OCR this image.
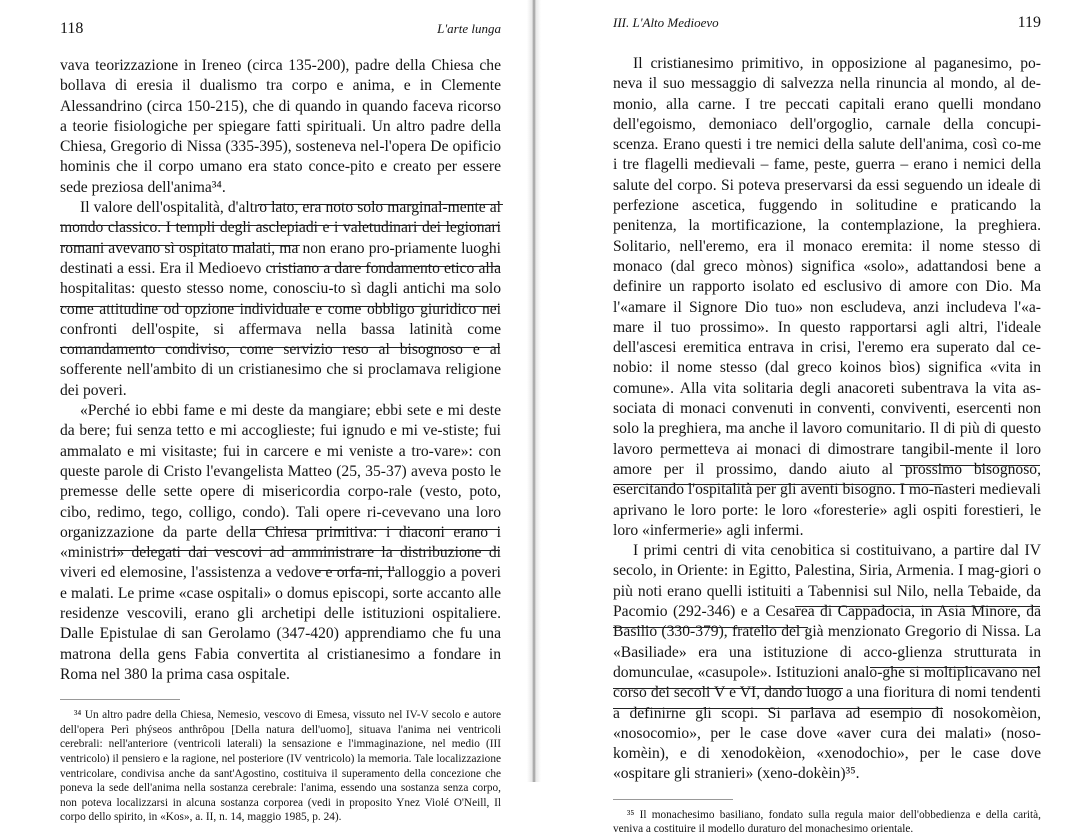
118	L'arte lunga

vava teorizzazione in Ireneo (circa 135-200), padre della Chiesa che bollava di eresia il dualismo tra corpo e anima, e in Clemente Alessandrino (circa 150-215), che di quando in quando faceva ricorso a teorie fisiologiche per spiegare fatti spirituali. Un altro padre della Chiesa, Gregorio di Nissa (335-395), sosteneva nel-l'opera De opificio hominis che il corpo umano era stato conce-pito e creato per essere sede preziosa dell'anima³⁴.

Il valore dell'ospitalità, d'altro lato, era noto solo marginal-mente al mondo classico. I templi degli asclepiadi e i valetudinari dei legionari romani avevano sì ospitato malati, ma non erano pro-priamente luoghi destinati a essi. Era il Medioevo cristiano a dare fondamento etico alla hospitalitas: questo stesso nome, conosciu-to sì dagli antichi ma solo come attitudine od opzione individuale e come obbligo giuridico nei confronti dell'ospite, si affermava nella bassa latinità come comandamento condiviso, come servizio reso al bisognoso e al sofferente nell'ambito di un cristianesimo che si proclamava religione dei poveri.

«Perché io ebbi fame e mi deste da mangiare; ebbi sete e mi deste da bere; fui senza tetto e mi accoglieste; fui ignudo e mi ve-stiste; fui ammalato e mi visitaste; fui in carcere e mi veniste a tro-vare»: con queste parole di Cristo l'evangelista Matteo (25, 35-37) aveva posto le premesse delle sette opere di misericordia corpo-rale (vesto, poto, cibo, redimo, tego, colligo, condo). Tali opere ri-cevevano una loro organizzazione da parte della Chiesa primitiva: i diaconi erano i «ministri» delegati dai vescovi ad amministrare la distribuzione di viveri ed elemosine, l'assistenza a vedove e orfa-ni, l'alloggio a poveri e malati. Le prime «case ospitali» o domus episcopi, sorte accanto alle residenze vescovili, erano gli archetipi delle istituzioni ospitaliere. Dalle Epistulae di san Gerolamo (347-420) apprendiamo che fu una matrona della gens Fabia convertita al cristianesimo a fondare in Roma nel 380 la prima casa ospitale.

³⁴ Un altro padre della Chiesa, Nemesio, vescovo di Emesa, vissuto nel IV-V secolo e autore dell'opera Perì phýseos anthrôpou [Della natura dell'uomo], situava l'anima nei ventricoli cerebrali: nell'anteriore (ventricoli laterali) la sensazione e l'immaginazione, nel medio (III ventricolo) il pensiero e la ragione, nel posteriore (IV ventricolo) la memoria. Tale localizzazione ventricolare, condivisa anche da sant'Agostino, costituiva il superamento della concezione che poneva la sede dell'anima nella sostanza cerebrale: l'anima, essendo una sostanza senza corpo, non poteva localizzarsi in alcuna sostanza corporea (vedi in proposito Ynez Violé O'Neill, Il corpo dello spirito, in «Kos», a. II, n. 14, maggio 1985, p. 24).

III. L'Alto Medioevo	119

Il cristianesimo primitivo, in opposizione al paganesimo, po-neva il suo messaggio di salvezza nella rinuncia al mondo, al de-monio, alla carne. I tre peccati capitali erano quelli mondano dell'egoismo, demoniaco dell'orgoglio, carnale della concupi-scenza. Erano questi i tre nemici della salute dell'anima, così co-me i tre flagelli medievali – fame, peste, guerra – erano i nemici della salute del corpo. Si poteva preservarsi da essi seguendo un ideale di perfezione ascetica, fuggendo in solitudine e praticando la penitenza, la mortificazione, la contemplazione, la preghiera. Solitario, nell'eremo, era il monaco eremita: il nome stesso di monaco (dal greco mònos) significa «solo», adattandosi bene a definire un rapporto isolato ed esclusivo di amore con Dio. Ma l'«amare il Signore Dio tuo» non escludeva, anzi includeva l'«a-mare il tuo prossimo». In questo rapportarsi agli altri, l'ideale dell'ascesi eremitica entrava in crisi, l'eremo era superato dal ce-nobio: il nome stesso (dal greco koinos bìos) significa «vita in comune». Alla vita solitaria degli anacoreti subentrava la vita as-sociata di monaci convenuti in conventi, conviventi, esercenti non solo la preghiera, ma anche il lavoro comunitario. Il di più di questo lavoro permetteva ai monaci di dimostrare tangibil-mente il loro amore per il prossimo, dando aiuto al prossimo bisognoso, esercitando l'ospitalità per gli aventi bisogno. I mo-nasteri medievali aprivano le loro porte: le loro «foresterie» agli ospiti forestieri, le loro «infermerie» agli infermi.

I primi centri di vita cenobitica si costituivano, a partire dal IV secolo, in Oriente: in Egitto, Palestina, Siria, Armenia. I mag-giori o più noti erano quelli istituiti a Tabennisi sul Nilo, nella Tebaide, da Pacomio (292-346) e a Cesarea di Cappadocia, in Asia Minore, da Basilio (330-379), fratello del già menzionato Gregorio di Nissa. La «Basiliade» era una istituzione di acco-glienza strutturata in domunculae, «casupole». Istituzioni analo-ghe si moltiplicavano nel corso dei secoli V e VI, dando luogo a una fioritura di nomi tendenti a definirne gli scopi. Si parlava ad esempio di nosokomèion, «nosocomio», per le case dove «aver cura dei malati» (noso-komèin), e di xenodokèion, «xenodochio», per le case dove «ospitare gli stranieri» (xeno-dokèin)³⁵.

³⁵ Il monachesimo basiliano, fondato sulla regula maior dell'obbedienza e della carità, veniva a costituire il modello duraturo del monachesimo orientale.
